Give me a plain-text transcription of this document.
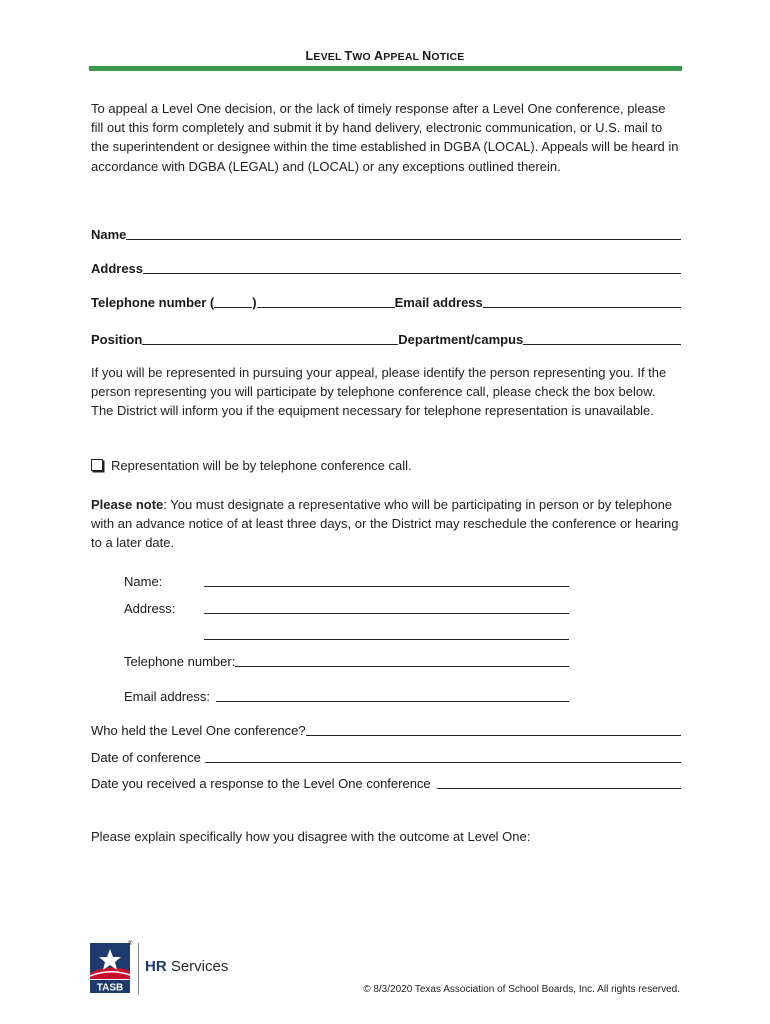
LEVEL TWO APPEAL NOTICE
To appeal a Level One decision, or the lack of timely response after a Level One conference, please fill out this form completely and submit it by hand delivery, electronic communication, or U.S. mail to the superintendent or designee within the time established in DGBA (LOCAL). Appeals will be heard in accordance with DGBA (LEGAL) and (LOCAL) or any exceptions outlined therein.
Name
Address
Telephone number (	)	Email address
Position	Department/campus
If you will be represented in pursuing your appeal, please identify the person representing you. If the person representing you will participate by telephone conference call, please check the box below. The District will inform you if the equipment necessary for telephone representation is unavailable.
Representation will be by telephone conference call.
Please note: You must designate a representative who will be participating in person or by telephone with an advance notice of at least three days, or the District may reschedule the conference or hearing to a later date.
Name:
Address:
Telephone number:
Email address:
Who held the Level One conference?
Date of conference
Date you received a response to the Level One conference
Please explain specifically how you disagree with the outcome at Level One:
TASB
®
HR Services
© 8/3/2020 Texas Association of School Boards, Inc. All rights reserved.
